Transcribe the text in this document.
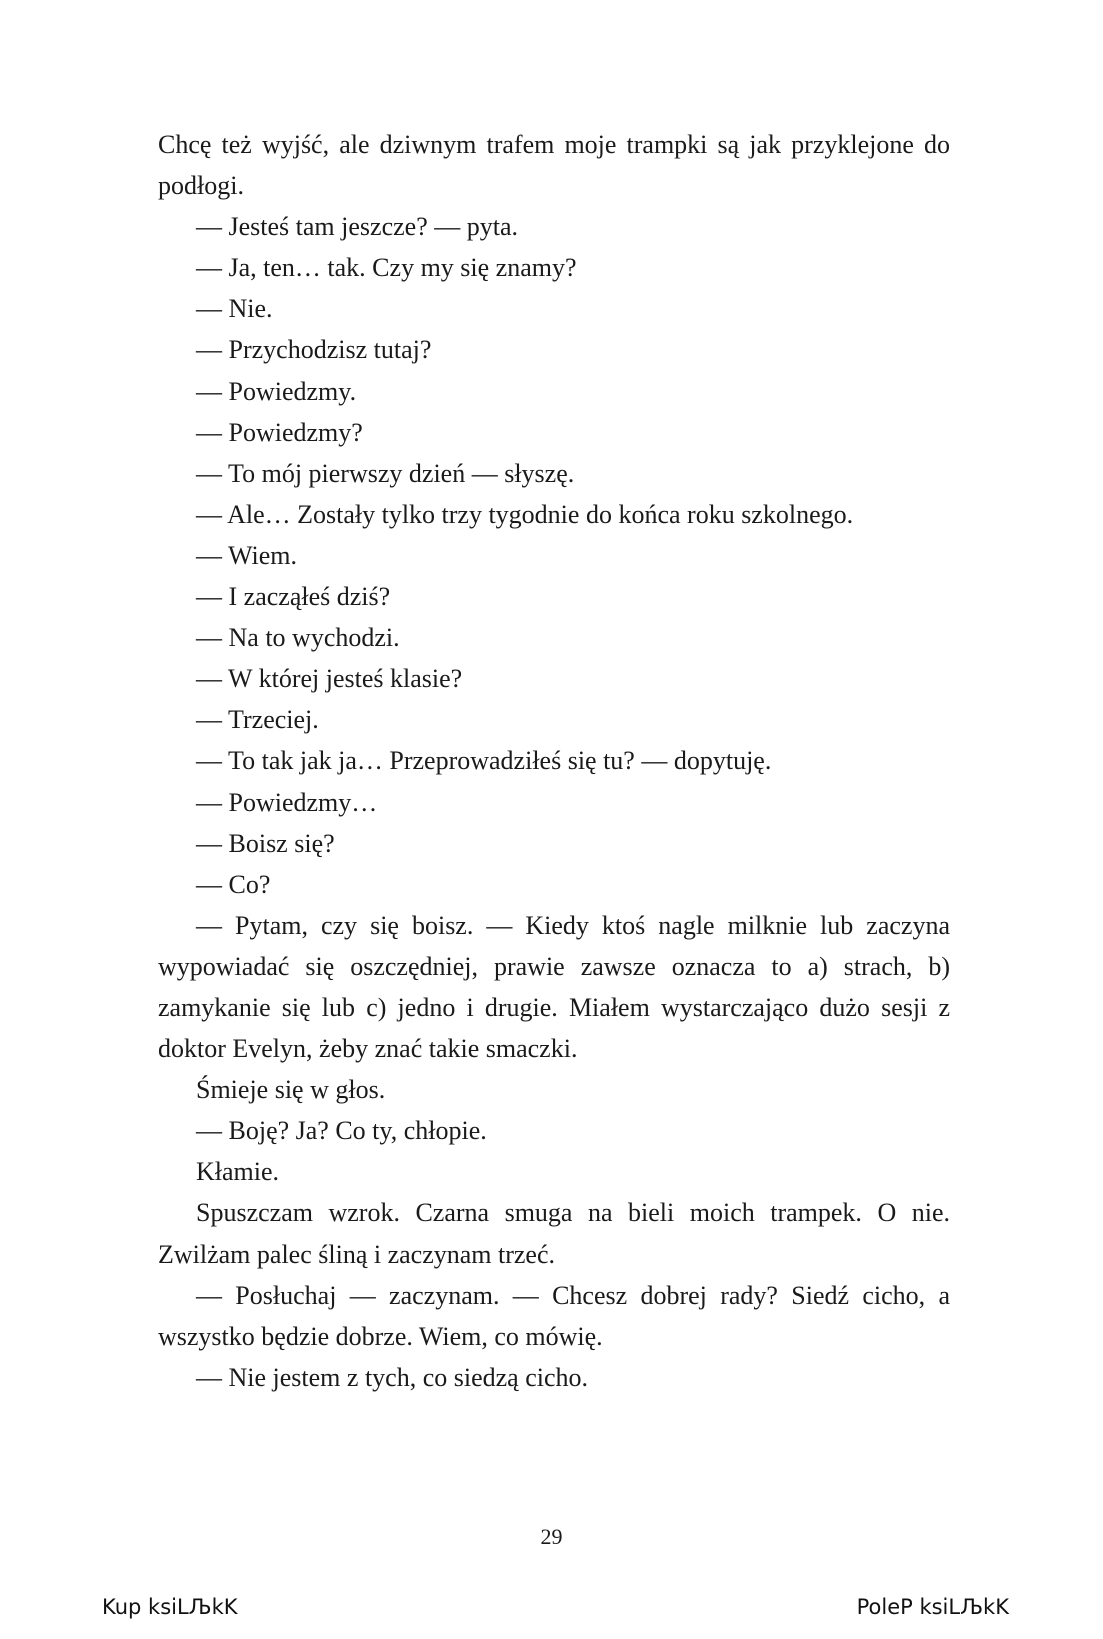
Chcę też wyjść, ale dziwnym trafem moje trampki są jak przyklejone do podłogi.

— Jesteś tam jeszcze? — pyta.

— Ja, ten… tak. Czy my się znamy?

— Nie.

— Przychodzisz tutaj?

— Powiedzmy.

— Powiedzmy?

— To mój pierwszy dzień — słyszę.

— Ale… Zostały tylko trzy tygodnie do końca roku szkolnego.

— Wiem.

— I zacząłeś dziś?

— Na to wychodzi.

— W której jesteś klasie?

— Trzeciej.

— To tak jak ja… Przeprowadziłeś się tu? — dopytuję.

— Powiedzmy…

— Boisz się?

— Co?

— Pytam, czy się boisz. — Kiedy ktoś nagle milknie lub zaczyna wypowiadać się oszczędniej, prawie zawsze oznacza to a) strach, b) zamykanie się lub c) jedno i drugie. Miałem wystarczająco dużo sesji z doktor Evelyn, żeby znać takie smaczki.

Śmieje się w głos.

— Boję? Ja? Co ty, chłopie.

Kłamie.

Spuszczam wzrok. Czarna smuga na bieli moich trampek. O nie. Zwilżam palec śliną i zaczynam trzeć.

— Posłuchaj — zaczynam. — Chcesz dobrej rady? Siedź cicho, a wszystko będzie dobrze. Wiem, co mówię.

— Nie jestem z tych, co siedzą cicho.

29
Kup ksiLЉkK	PoleP ksiLЉkK
